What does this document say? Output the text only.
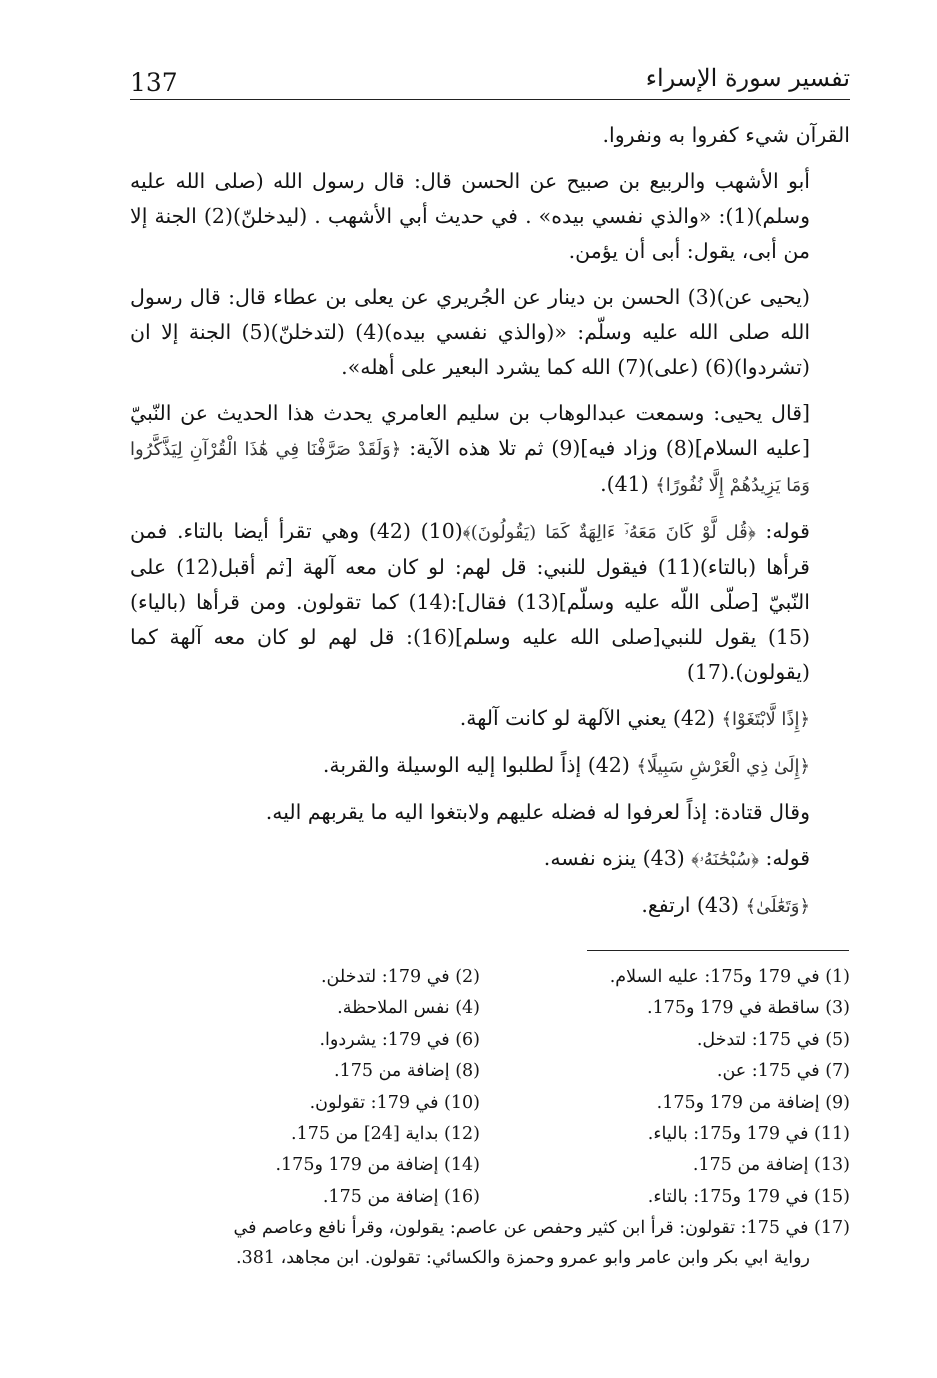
137	تفسير سورة الإسراء

القرآن شيء كفروا به ونفروا.

أبو الأشهب والربيع بن صبيح عن الحسن قال: قال رسول الله (صلى الله عليه وسلم)(1): «والذي نفسي بيده» . في حديث أبي الأشهب . (ليدخلنّ)(2) الجنة إلا من أبى، يقول: أبى أن يؤمن.

(يحيى عن)(3) الحسن بن دينار عن الجُريري عن يعلى بن عطاء قال: قال رسول الله صلى الله عليه وسلّم: «(والذي نفسي بيده)(4) (لتدخلنّ)(5) الجنة إلا ان (تشردوا)(6) (على)(7) الله كما يشرد البعير على أهله».

[قال يحيى: وسمعت عبدالوهاب بن سليم العامري يحدث هذا الحديث عن النّبيّ [عليه السلام](8) وزاد فيه](9) ثم تلا هذه الآية: ﴿وَلَقَدْ صَرَّفْنَا فِي هَٰذَا الْقُرْآنِ لِيَذَّكَّرُوا وَمَا يَزِيدُهُمْ إِلَّا نُفُورًا﴾ (41).

قوله: ﴿قُل لَّوْ كَانَ مَعَهُۥٓ ءَالِهَةٌ كَمَا (يَقُولُونَ)﴾(10) (42) وهي تقرأ أيضا بالتاء. فمن قرأها (بالتاء)(11) فيقول للنبي: قل لهم: لو كان معه آلهة [ثم أقبل(12) على النّبيّ [صلّى اللّه عليه وسلّم](13) فقال]:(14) كما تقولون. ومن قرأها (بالياء)(15) يقول للنبي[صلى الله عليه وسلم](16): قل لهم لو كان معه آلهة كما (يقولون).(17)

﴿إِذًا لَّابْتَغَوْا﴾ (42) يعني الآلهة لو كانت آلهة.

﴿إِلَىٰ ذِي الْعَرْشِ سَبِيلًا﴾ (42) إذاً لطلبوا إليه الوسيلة والقربة.

وقال قتادة: إذاً لعرفوا له فضله عليهم ولابتغوا اليه ما يقربهم اليه.

قوله: ﴿سُبْحَٰنَهُۥ﴾ (43) ينزه نفسه.

﴿وَتَعَٰلَىٰ﴾ (43) ارتفع.

(1) في 179 و175: عليه السلام.
(2) في 179: لتدخلن.
(3) ساقطة في 179 و175.
(4) نفس الملاحظة.
(5) في 175: لتدخل.
(6) في 179: يشردوا.
(7) في 175: عن.
(8) إضافة من 175.
(9) إضافة من 179 و175.
(10) في 179: تقولون.
(11) في 179 و175: بالياء.
(12) بداية [24] من 175.
(13) إضافة من 175.
(14) إضافة من 179 و175.
(15) في 179 و175: بالتاء.
(16) إضافة من 175.
(17) في 175: تقولون: قرأ ابن كثير وحفص عن عاصم: يقولون، وقرأ نافع وعاصم في
رواية ابي بكر وابن عامر وابو عمرو وحمزة والكسائي: تقولون. ابن مجاهد، 381.
